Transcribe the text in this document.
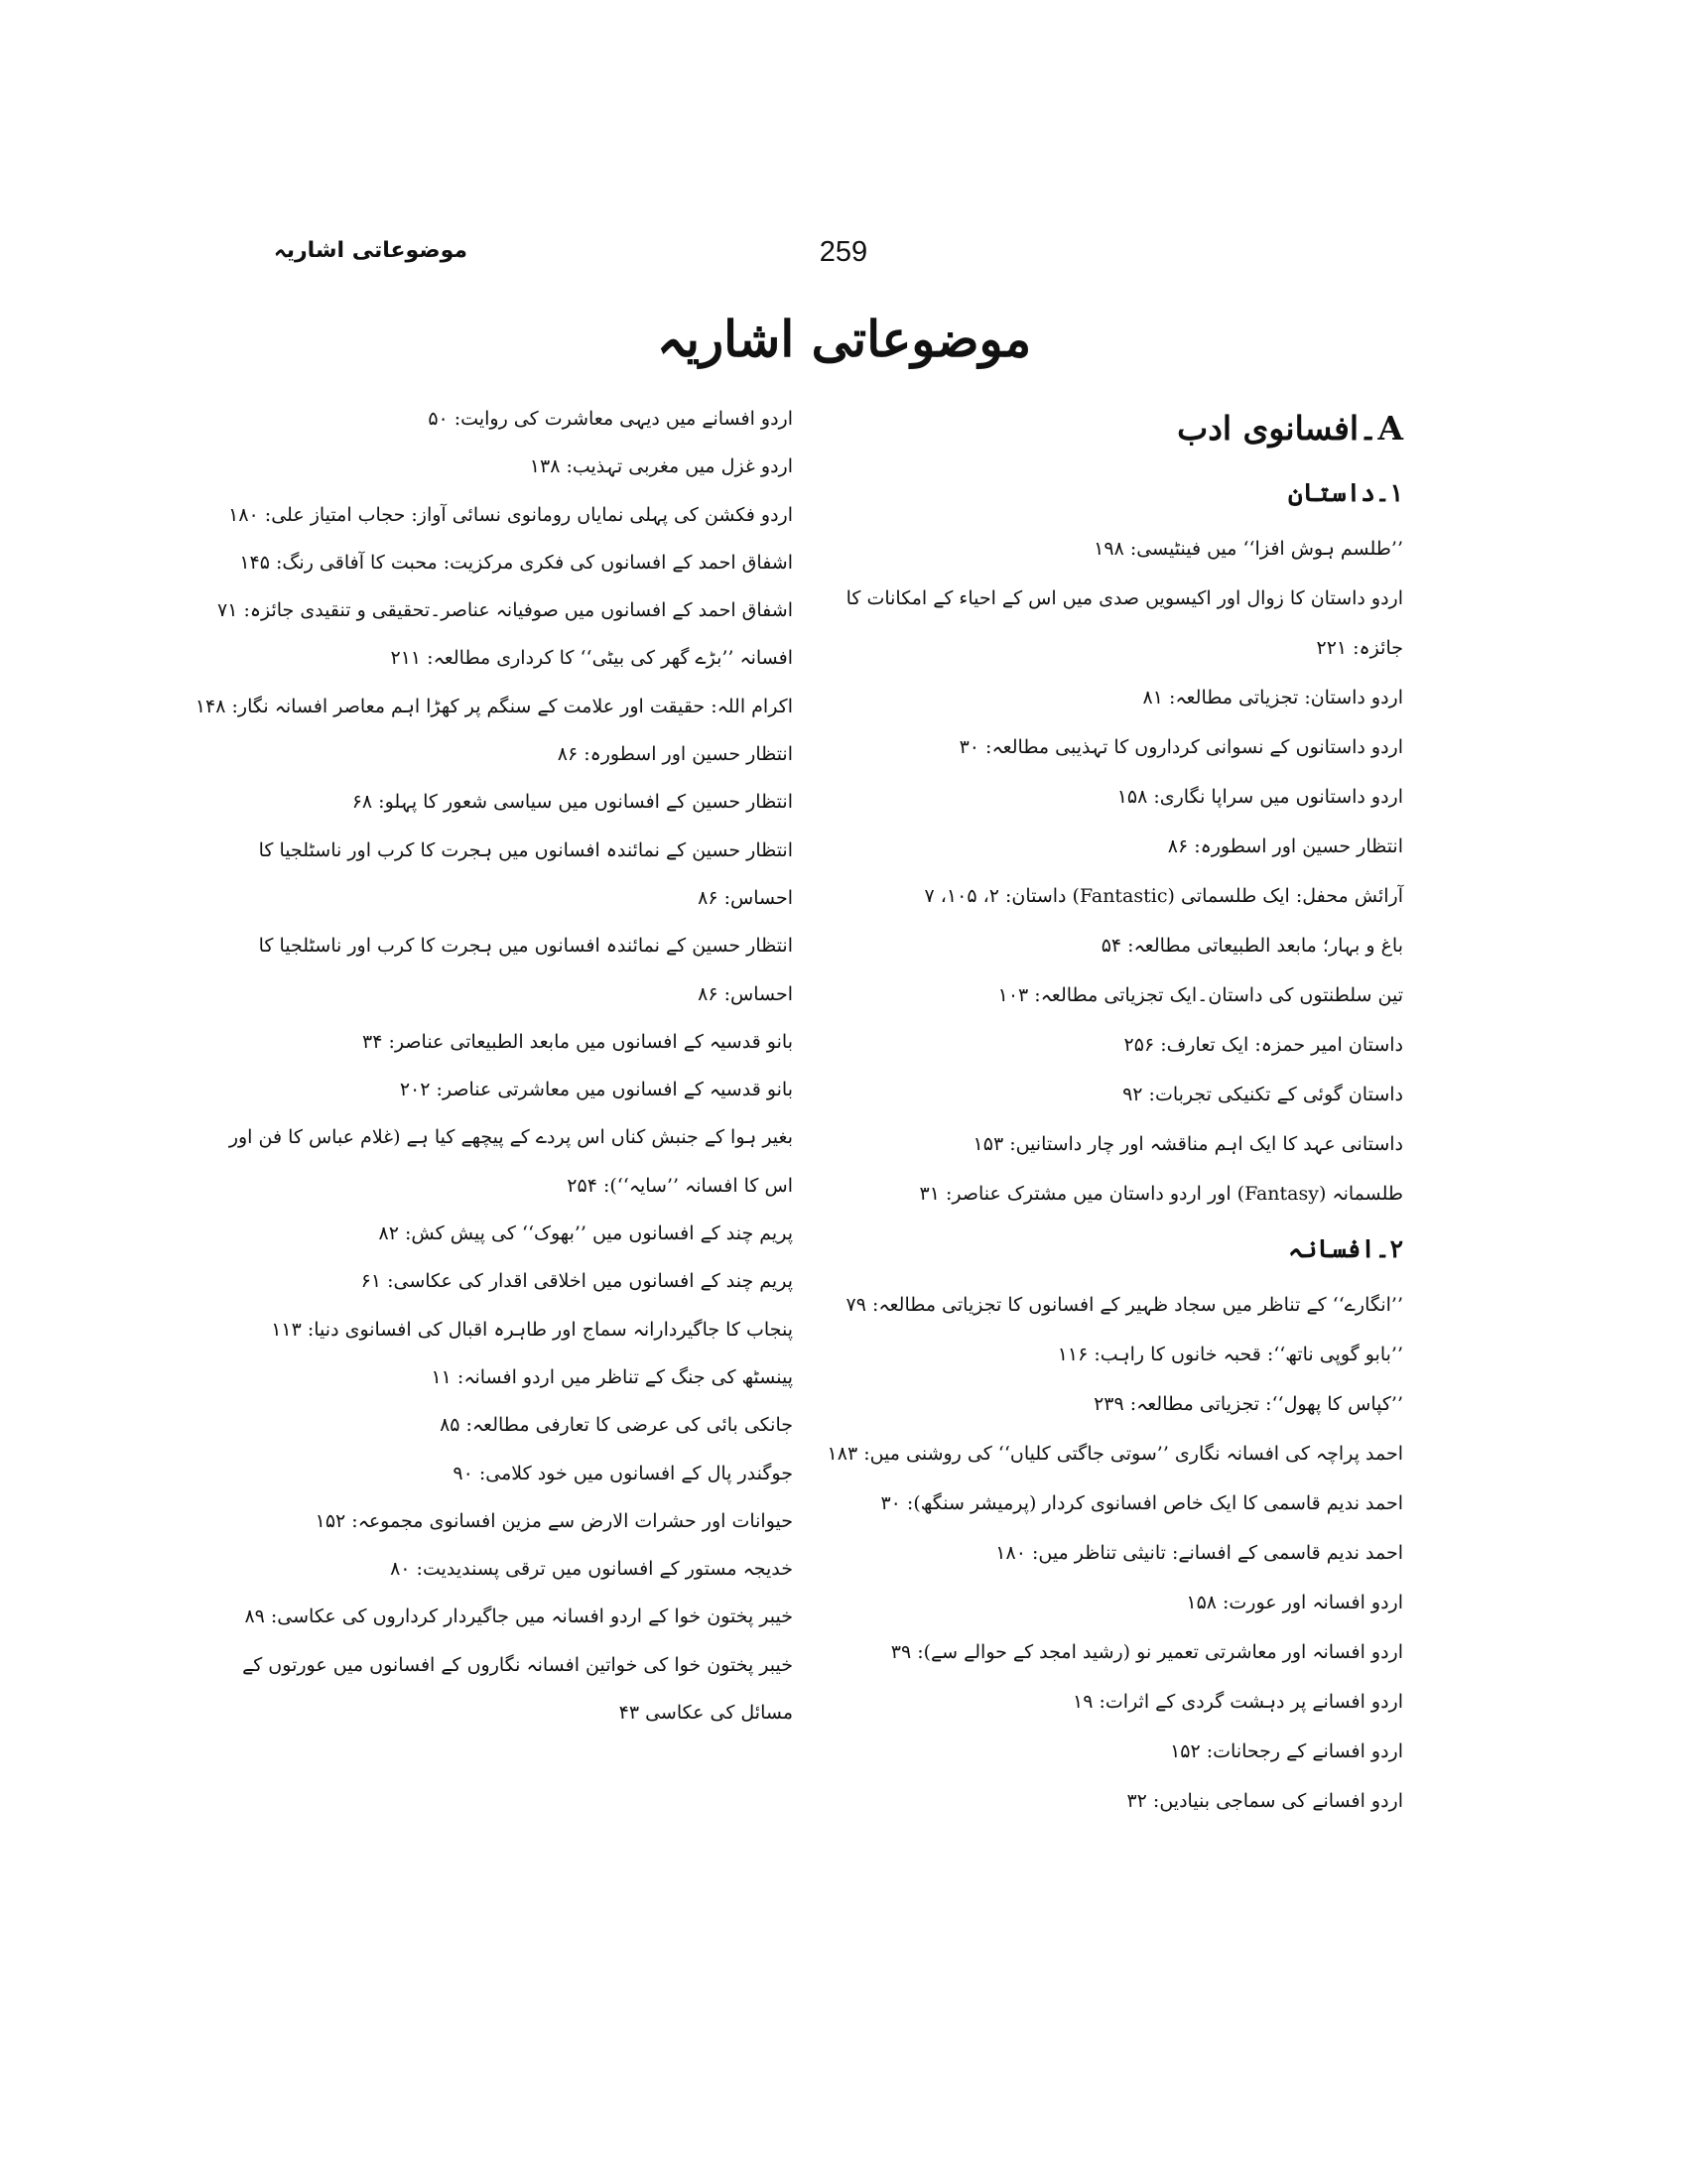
259
موضوعاتی اشاریہ
موضوعاتی اشاریہ
A۔افسانوی ادب
۱۔داستان
’’طلسم ہوش افزا‘‘ میں فینٹیسی: ۱۹۸
اردو داستان کا زوال اور اکیسویں صدی میں اس کے احیاء کے امکانات کا
جائزہ: ۲۲۱
اردو داستان: تجزیاتی مطالعہ: ۸۱
اردو داستانوں کے نسوانی کرداروں کا تہذیبی مطالعہ: ۳۰
اردو داستانوں میں سراپا نگاری: ۱۵۸
انتظار حسین اور اسطورہ: ۸۶
آرائش محفل: ایک طلسماتی (Fantastic) داستان: ۲، ۱۰۵، ۷
باغ و بہار؛ مابعد الطبیعاتی مطالعہ: ۵۴
تین سلطنتوں کی داستان۔ایک تجزیاتی مطالعہ: ۱۰۳
داستان امیر حمزہ: ایک تعارف: ۲۵۶
داستان گوئی کے تکنیکی تجربات: ۹۲
داستانی عہد کا ایک اہم مناقشہ اور چار داستانیں: ۱۵۳
طلسمانہ (Fantasy) اور اردو داستان میں مشترک عناصر: ۳۱
۲۔افسانہ
’’انگارے‘‘ کے تناظر میں سجاد ظہیر کے افسانوں کا تجزیاتی مطالعہ: ۷۹
’’بابو گوپی ناتھ‘‘: قحبہ خانوں کا راہب: ۱۱۶
’’کپاس کا پھول‘‘: تجزیاتی مطالعہ: ۲۳۹
احمد پراچہ کی افسانہ نگاری ’’سوتی جاگتی کلیاں‘‘ کی روشنی میں: ۱۸۳
احمد ندیم قاسمی کا ایک خاص افسانوی کردار (پرمیشر سنگھ): ۳۰
احمد ندیم قاسمی کے افسانے: تانیثی تناظر میں: ۱۸۰
اردو افسانہ اور عورت: ۱۵۸
اردو افسانہ اور معاشرتی تعمیر نو (رشید امجد کے حوالے سے): ۳۹
اردو افسانے پر دہشت گردی کے اثرات: ۱۹
اردو افسانے کے رجحانات: ۱۵۲
اردو افسانے کی سماجی بنیادیں: ۳۲
اردو افسانے میں دیہی معاشرت کی روایت: ۵۰
اردو غزل میں مغربی تہذیب: ۱۳۸
اردو فکشن کی پہلی نمایاں رومانوی نسائی آواز: حجاب امتیاز علی: ۱۸۰
اشفاق احمد کے افسانوں کی فکری مرکزیت: محبت کا آفاقی رنگ: ۱۴۵
اشفاق احمد کے افسانوں میں صوفیانہ عناصر۔تحقیقی و تنقیدی جائزہ: ۷۱
افسانہ ’’بڑے گھر کی بیٹی‘‘ کا کرداری مطالعہ: ۲۱۱
اکرام اللہ: حقیقت اور علامت کے سنگم پر کھڑا اہم معاصر افسانہ نگار: ۱۴۸
انتظار حسین اور اسطورہ: ۸۶
انتظار حسین کے افسانوں میں سیاسی شعور کا پہلو: ۶۸
انتظار حسین کے نمائندہ افسانوں میں ہجرت کا کرب اور ناسٹلجیا کا
احساس: ۸۶
انتظار حسین کے نمائندہ افسانوں میں ہجرت کا کرب اور ناسٹلجیا کا
احساس: ۸۶
بانو قدسیہ کے افسانوں میں مابعد الطبیعاتی عناصر: ۳۴
بانو قدسیہ کے افسانوں میں معاشرتی عناصر: ۲۰۲
بغیر ہوا کے جنبش کناں اس پردے کے پیچھے کیا ہے (غلام عباس کا فن اور
اس کا افسانہ ’’سایہ‘‘): ۲۵۴
پریم چند کے افسانوں میں ’’بھوک‘‘ کی پیش کش: ۸۲
پریم چند کے افسانوں میں اخلاقی اقدار کی عکاسی: ۶۱
پنجاب کا جاگیردارانہ سماج اور طاہرہ اقبال کی افسانوی دنیا: ۱۱۳
پینسٹھ کی جنگ کے تناظر میں اردو افسانہ: ۱۱
جانکی بائی کی عرضی کا تعارفی مطالعہ: ۸۵
جوگندر پال کے افسانوں میں خود کلامی: ۹۰
حیوانات اور حشرات الارض سے مزین افسانوی مجموعہ: ۱۵۲
خدیجہ مستور کے افسانوں میں ترقی پسندیدیت: ۸۰
خیبر پختون خوا کے اردو افسانہ میں جاگیردار کرداروں کی عکاسی: ۸۹
خیبر پختون خوا کی خواتین افسانہ نگاروں کے افسانوں میں عورتوں کے
مسائل کی عکاسی ۴۳
